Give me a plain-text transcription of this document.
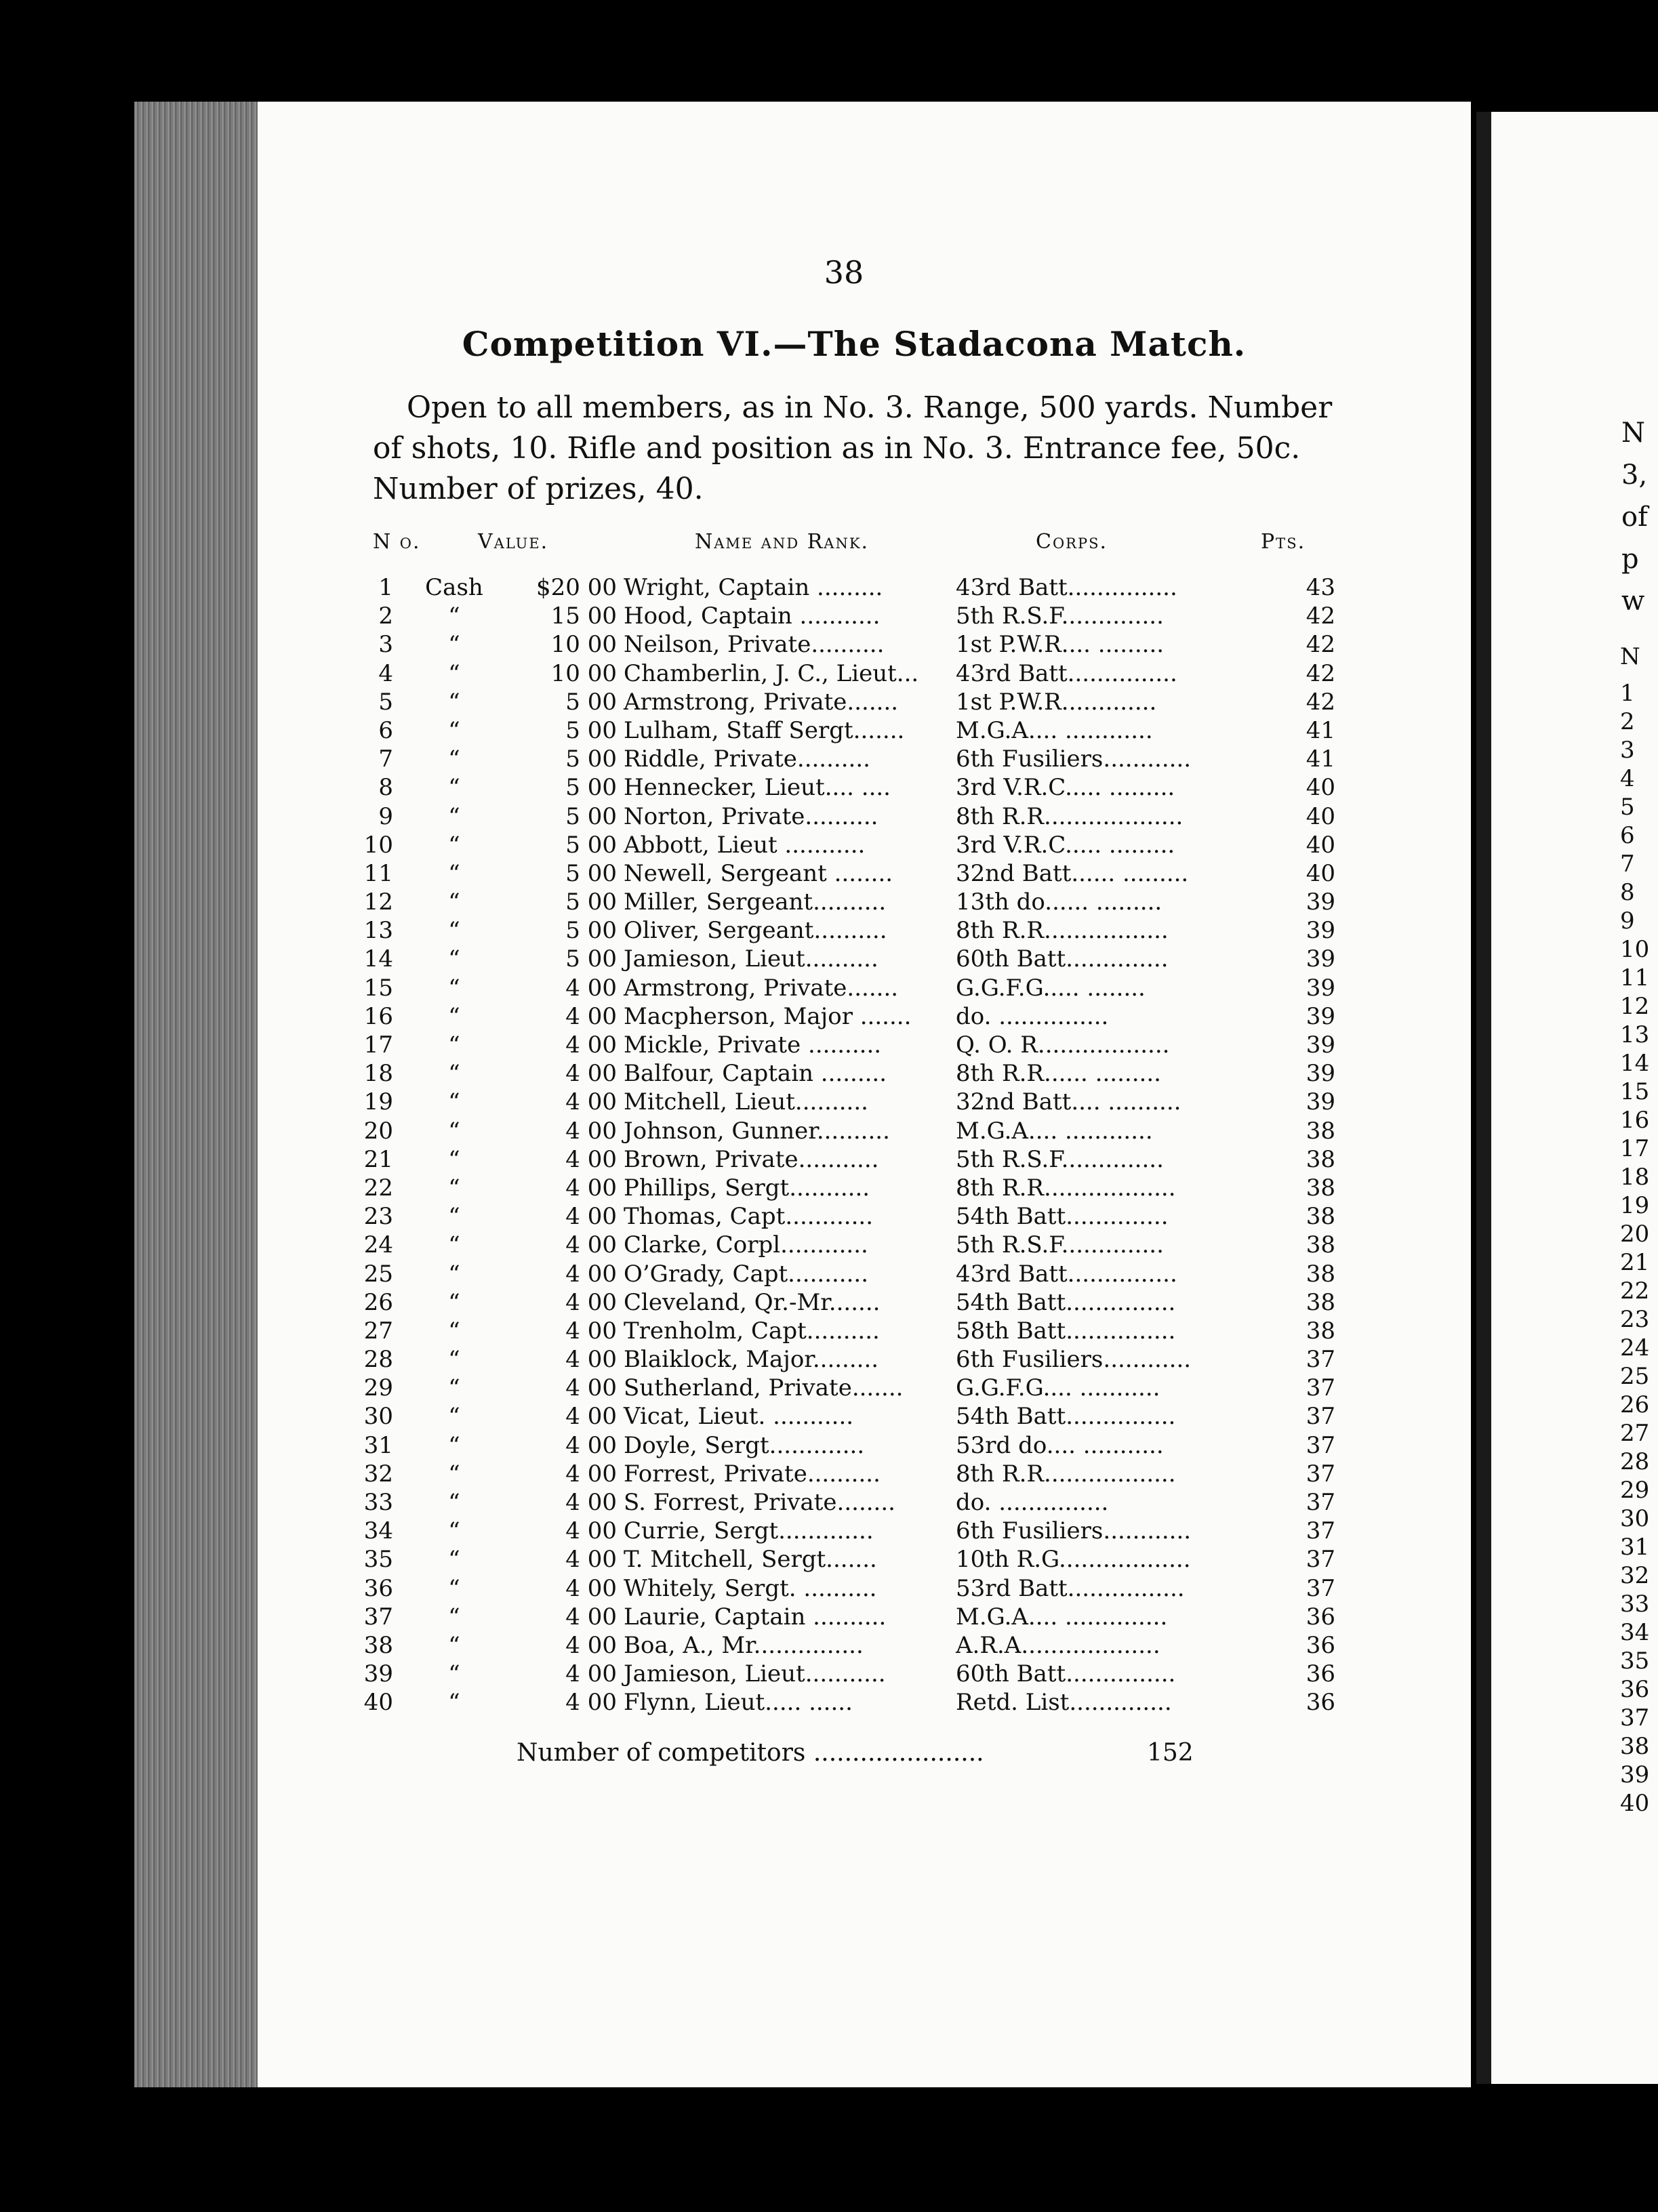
38
Competition VI.—The Stadacona Match.
Open to all members, as in No. 3. Range, 500 yards. Number
of shots, 10. Rifle and position as in No. 3. Entrance fee, 50c.
Number of prizes, 40.
N o.	Value.	Name and Rank.	Corps.	Pts.
1 Cash	$20 00 Wright, Captain .........	43rd Batt...............	43
2	“	15 00 Hood, Captain ...........	5th R.S.F..............	42
3	“	10 00 Neilson, Private..........	1st P.W.R.... .........	42
4	“	10 00 Chamberlin, J. C., Lieut...	43rd Batt...............	42
5	“	5 00 Armstrong, Private.......	1st P.W.R.............	42
6	“	5 00 Lulham, Staff Sergt.......	M.G.A.... ............	41
7	“	5 00 Riddle, Private..........	6th Fusiliers............	41
8	“	5 00 Hennecker, Lieut.... ....	3rd V.R.C..... .........	40
9	“	5 00 Norton, Private..........	8th R.R...................	40
10	“	5 00 Abbott, Lieut ...........	3rd V.R.C..... .........	40
11	“	5 00 Newell, Sergeant ........	32nd Batt...... .........	40
12	“	5 00 Miller, Sergeant..........	13th do...... .........	39
13	“	5 00 Oliver, Sergeant..........	8th R.R.................	39
14	“	5 00 Jamieson, Lieut..........	60th Batt..............	39
15	“	4 00 Armstrong, Private.......	G.G.F.G..... ........	39
16	“	4 00 Macpherson, Major .......	do. ...............	39
17	“	4 00 Mickle, Private ..........	Q. O. R..................	39
18	“	4 00 Balfour, Captain .........	8th R.R...... .........	39
19	“	4 00 Mitchell, Lieut..........	32nd Batt.... ..........	39
20	“	4 00 Johnson, Gunner..........	M.G.A.... ............	38
21	“	4 00 Brown, Private...........	5th R.S.F..............	38
22	“	4 00 Phillips, Sergt...........	8th R.R..................	38
23	“	4 00 Thomas, Capt............	54th Batt..............	38
24	“	4 00 Clarke, Corpl............	5th R.S.F..............	38
25	“	4 00 O’Grady, Capt...........	43rd Batt...............	38
26	“	4 00 Cleveland, Qr.-Mr.......	54th Batt...............	38
27	“	4 00 Trenholm, Capt..........	58th Batt...............	38
28	“	4 00 Blaiklock, Major.........	6th Fusiliers............	37
29	“	4 00 Sutherland, Private.......	G.G.F.G.... ...........	37
30	“	4 00 Vicat, Lieut. ...........	54th Batt...............	37
31	“	4 00 Doyle, Sergt.............	53rd do.... ...........	37
32	“	4 00 Forrest, Private..........	8th R.R..................	37
33	“	4 00 S. Forrest, Private........	do. ...............	37
34	“	4 00 Currie, Sergt.............	6th Fusiliers............	37
35	“	4 00 T. Mitchell, Sergt.......	10th R.G..................	37
36	“	4 00 Whitely, Sergt. ..........	53rd Batt................	37
37	“	4 00 Laurie, Captain ..........	M.G.A.... ..............	36
38	“	4 00 Boa, A., Mr...............	A.R.A...................	36
39	“	4 00 Jamieson, Lieut...........	60th Batt...............	36
40	“	4 00 Flynn, Lieut..... ......	Retd. List..............	36
Number of competitors ......................	152
N
3,
of
p
w
N
1
2
3
4
5
6
7
8
9
10
11
12
13
14
15
16
17
18
19
20
21
22
23
24
25
26
27
28
29
30
31
32
33
34
35
36
37
38
39
40
